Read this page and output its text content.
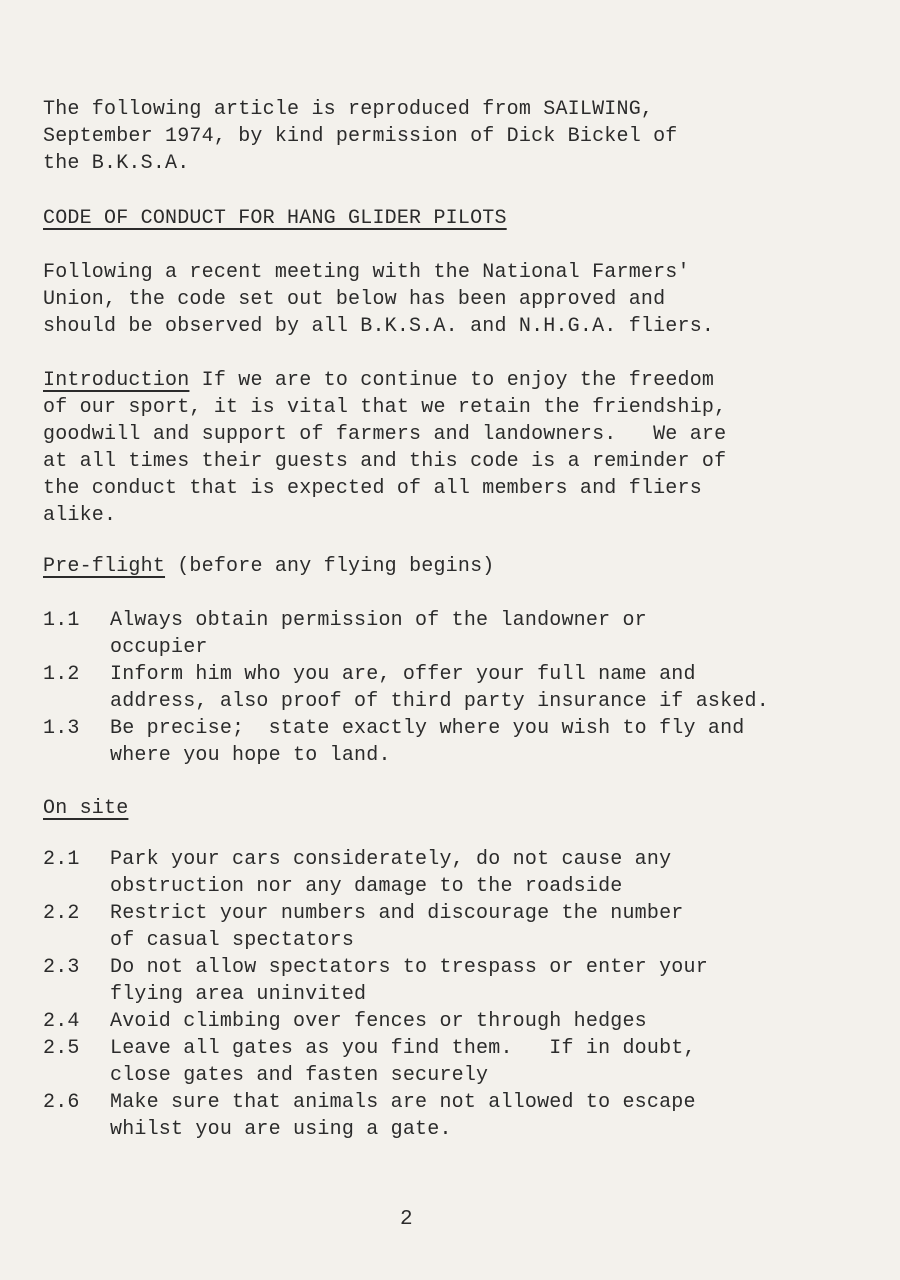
The following article is reproduced from SAILWING,
September 1974, by kind permission of Dick Bickel of
the B.K.S.A.
CODE OF CONDUCT FOR HANG GLIDER PILOTS
Following a recent meeting with the National Farmers'
Union, the code set out below has been approved and
should be observed by all B.K.S.A. and N.H.G.A. fliers.
Introduction If we are to continue to enjoy the freedom
of our sport, it is vital that we retain the friendship,
goodwill and support of farmers and landowners.   We are
at all times their guests and this code is a reminder of
the conduct that is expected of all members and fliers
alike.
Pre-flight (before any flying begins)
1.1	Always obtain permission of the landowner or
occupier
1.2	Inform him who you are, offer your full name and
address, also proof of third party insurance if asked.
1.3	Be precise;  state exactly where you wish to fly and
where you hope to land.
On site
2.1	Park your cars considerately, do not cause any
obstruction nor any damage to the roadside
2.2	Restrict your numbers and discourage the number
of casual spectators
2.3	Do not allow spectators to trespass or enter your
flying area uninvited
2.4	Avoid climbing over fences or through hedges
2.5	Leave all gates as you find them.   If in doubt,
close gates and fasten securely
2.6	Make sure that animals are not allowed to escape
whilst you are using a gate.
2
